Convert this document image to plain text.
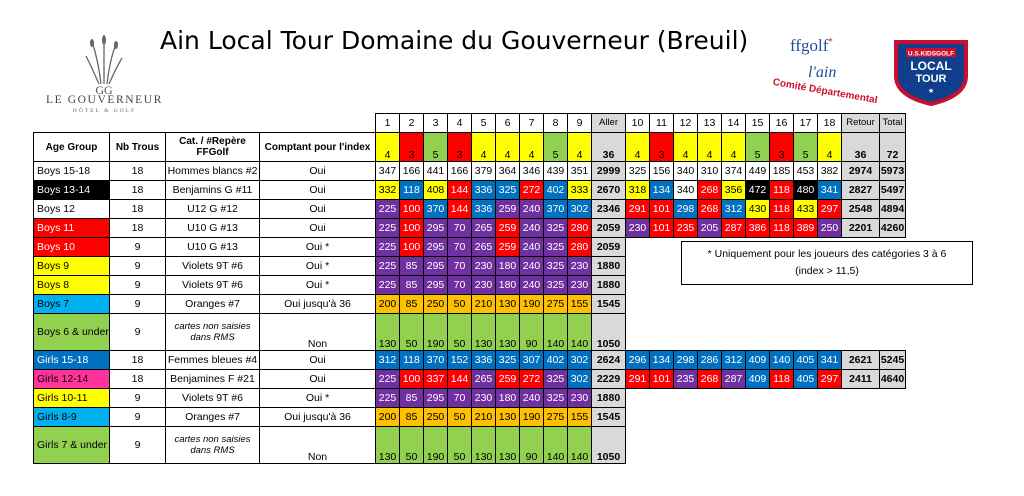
Ain Local Tour Domaine du Gouverneur (Breuil)
GG
LE GOUVERNEUR
HÔTEL & GOLF
ffgolf*
l'ain
Comité Départemental
U.S.KIDSGOLF
LOCAL
TOUR
★
				1	2	3	4	5	6	7	8	9	Aller	10	11	12	13	14	15	16	17	18	Retour	Total
Age Group	Nb Trous	Cat. / #Repère FFGolf	Comptant pour l'index	4	3	5	3	4	4	4	5	4	36	4	3	4	4	4	5	3	5	4	36	72
Boys 15-18	18	Hommes blancs #2	Oui	347	166	441	166	379	364	346	439	351	2999	325	156	340	310	374	449	185	453	382	2974	5973
Boys 13-14	18	Benjamins G #11	Oui	332	118	408	144	336	325	272	402	333	2670	318	134	340	268	356	472	118	480	341	2827	5497
Boys 12	18	U12 G #12	Oui	225	100	370	144	336	259	240	370	302	2346	291	101	298	268	312	430	118	433	297	2548	4894
Boys 11	18	U10 G #13	Oui	225	100	295	70	265	259	240	325	280	2059	230	101	235	205	287	386	118	389	250	2201	4260
Boys 10	9	U10 G #13	Oui *	225	100	295	70	265	259	240	325	280	2059											
Boys 9	9	Violets 9T #6	Oui *	225	85	295	70	230	180	240	325	230	1880											
Boys 8	9	Violets 9T #6	Oui *	225	85	295	70	230	180	240	325	230	1880											
Boys 7	9	Oranges #7	Oui jusqu'à 36	200	85	250	50	210	130	190	275	155	1545											
Boys 6 & under	9	cartes non saisies dans RMS	Non	130	50	190	50	130	130	90	140	140	1050											
Girls 15-18	18	Femmes bleues #4	Oui	312	118	370	152	336	325	307	402	302	2624	296	134	298	286	312	409	140	405	341	2621	5245
Girls 12-14	18	Benjamines F #21	Oui	225	100	337	144	265	259	272	325	302	2229	291	101	235	268	287	409	118	405	297	2411	4640
Girls 10-11	9	Violets 9T #6	Oui *	225	85	295	70	230	180	240	325	230	1880											
Girls 8-9	9	Oranges #7	Oui jusqu'à 36	200	85	250	50	210	130	190	275	155	1545											
Girls 7 & under	9	cartes non saisies dans RMS	Non	130	50	190	50	130	130	90	140	140	1050											
* Uniquement pour les joueurs des catégories 3 à 6
(index > 11,5)
